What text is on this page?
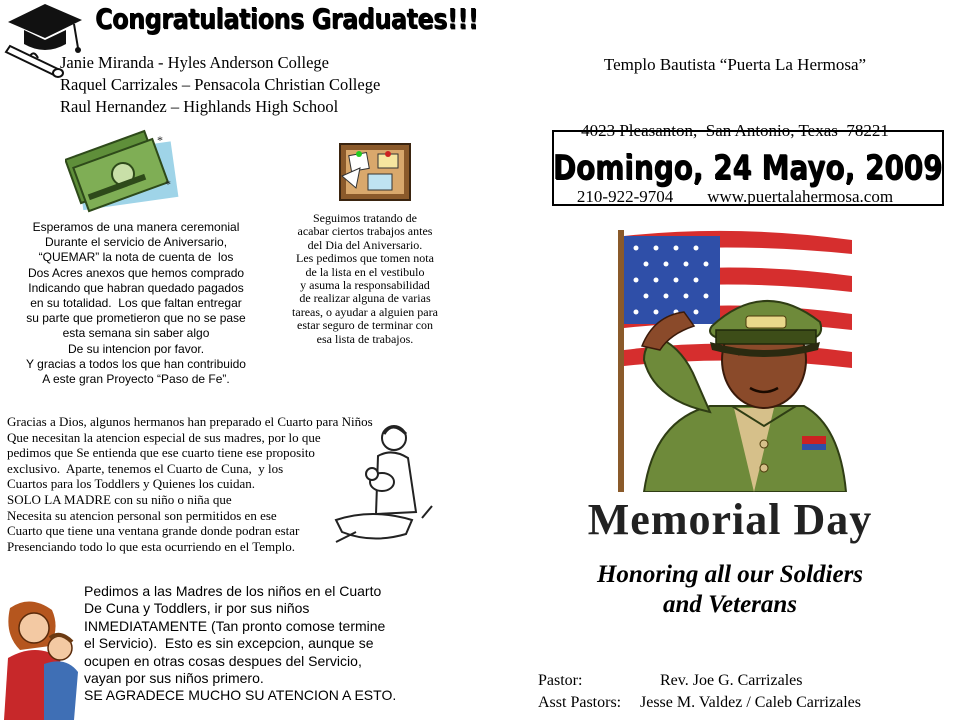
Congratulations Graduates!!!
Janie Miranda - Hyles Anderson College
Raquel Carrizales – Pensacola Christian College
Raul Hernandez – Highlands High School

Templo Bautista “Puerta La Hermosa”

4023 Pleasanton,  San Antonio, Texas  78221

210-922-9704        www.puertalahermosa.com

Domingo, 24 Mayo, 2009
*
*
Esperamos de una manera ceremonial
Durante el servicio de Aniversario,
“QUEMAR” la nota de cuenta de  los
Dos Acres anexos que hemos comprado
Indicando que habran quedado pagados
en su totalidad.  Los que faltan entregar
su parte que prometieron que no se pase
esta semana sin saber algo
De su intencion por favor.
Y gracias a todos los que han contribuido
A este gran Proyecto “Paso de Fe”.
Seguimos tratando de
acabar ciertos trabajos antes
del Dia del Aniversario.
Les pedimos que tomen nota
de la lista en el vestibulo
y asuma la responsabilidad
de realizar alguna de varias
tareas, o ayudar a alguien para
estar seguro de terminar con
esa lista de trabajos.
Gracias a Dios, algunos hermanos han preparado el Cuarto para Niños
Que necesitan la atencion especial de sus madres, por lo que
pedimos que Se entienda que ese cuarto tiene ese proposito
exclusivo.  Aparte, tenemos el Cuarto de Cuna,  y los
Cuartos para los Toddlers y Quienes los cuidan.
SOLO LA MADRE con su niño o niña que
Necesita su atencion personal son permitidos en ese
Cuarto que tiene una ventana grande donde podran estar
Presenciando todo lo que esta ocurriendo en el Templo.
Pedimos a las Madres de los niños en el Cuarto
De Cuna y Toddlers, ir por sus niños
INMEDIATAMENTE (Tan pronto comose termine
el Servicio).  Esto es sin excepcion, aunque se
ocupen en otras cosas despues del Servicio,
vayan por sus niños primero.
SE AGRADECE MUCHO SU ATENCION A ESTO.
Memorial Day
Honoring all our Soldiers
and Veterans
Pastor:	Rev. Joe G. Carrizales
Asst Pastors:	Jesse M. Valdez / Caleb Carrizales
